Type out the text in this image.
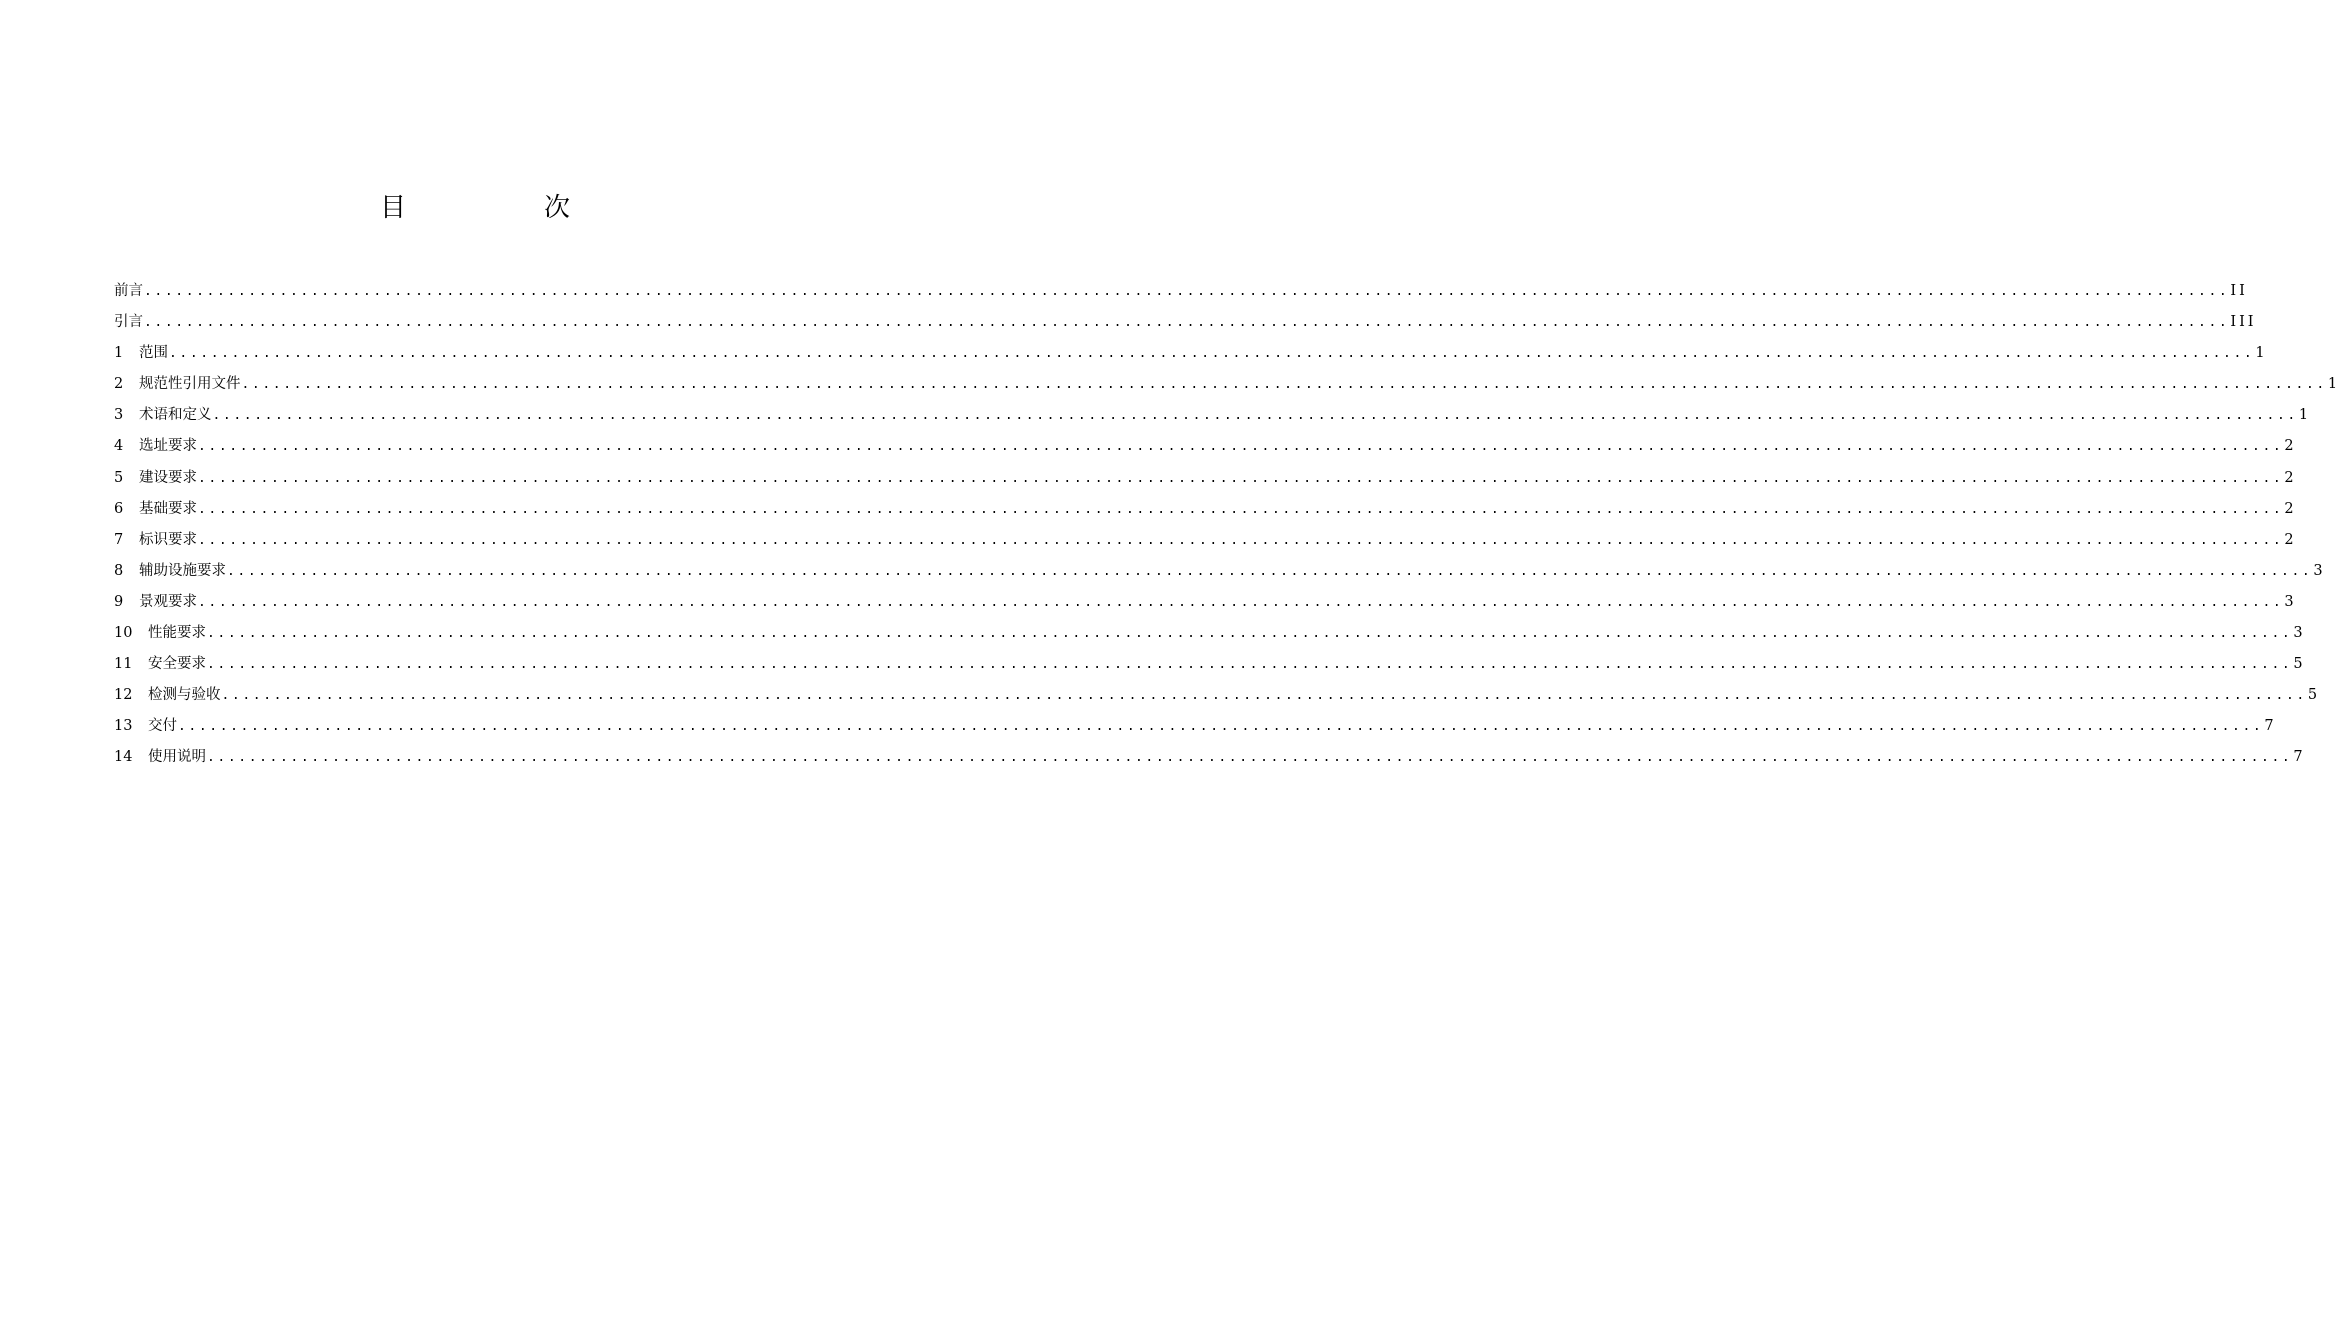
目　次
前言 ........................................................................................................................................................................................................ II
引言 ........................................................................................................................................................................................................ III
1	范围 ........................................................................................................................................................................................................ 1
2	规范性引用文件 ........................................................................................................................................................................................................ 1
3	术语和定义 ........................................................................................................................................................................................................ 1
4	选址要求 ........................................................................................................................................................................................................ 2
5	建设要求 ........................................................................................................................................................................................................ 2
6	基础要求 ........................................................................................................................................................................................................ 2
7	标识要求 ........................................................................................................................................................................................................ 2
8	辅助设施要求 ........................................................................................................................................................................................................ 3
9	景观要求 ........................................................................................................................................................................................................ 3
10	性能要求 ........................................................................................................................................................................................................ 3
11	安全要求 ........................................................................................................................................................................................................ 5
12	检测与验收 ........................................................................................................................................................................................................ 5
13	交付 ........................................................................................................................................................................................................ 7
14	使用说明 ........................................................................................................................................................................................................ 7
